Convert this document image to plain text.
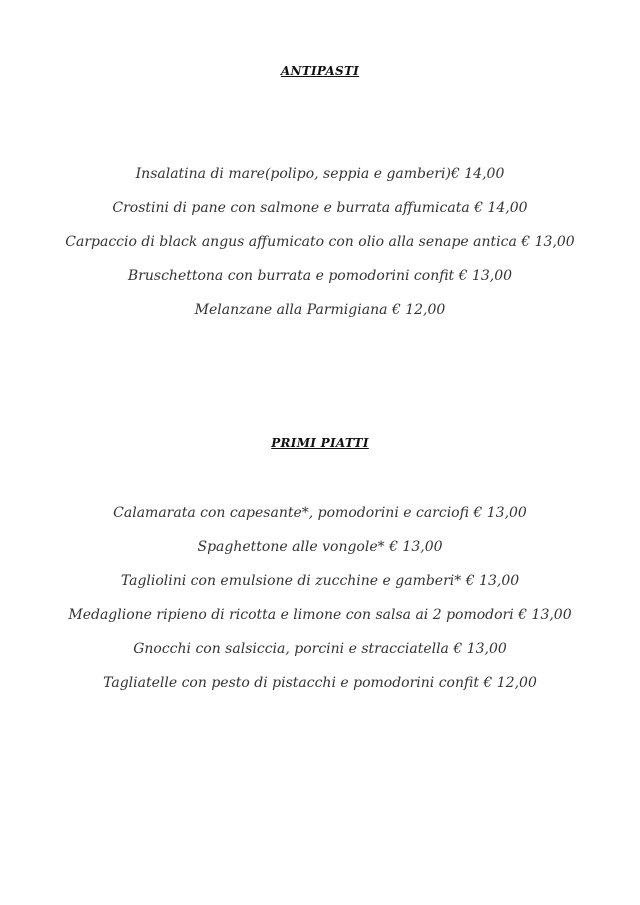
ANTIPASTI
Insalatina di mare(polipo, seppia e gamberi)€ 14,00
Crostini di pane con salmone e burrata affumicata € 14,00
Carpaccio di black angus affumicato con olio alla senape antica € 13,00
Bruschettona con burrata e pomodorini confit € 13,00
Melanzane alla Parmigiana € 12,00
PRIMI PIATTI
Calamarata con capesante*, pomodorini e carciofi € 13,00
Spaghettone alle vongole* € 13,00
Tagliolini con emulsione di zucchine e gamberi* € 13,00
Medaglione ripieno di ricotta e limone con salsa ai 2 pomodori € 13,00
Gnocchi con salsiccia, porcini e stracciatella € 13,00
Tagliatelle con pesto di pistacchi e pomodorini confit € 12,00
